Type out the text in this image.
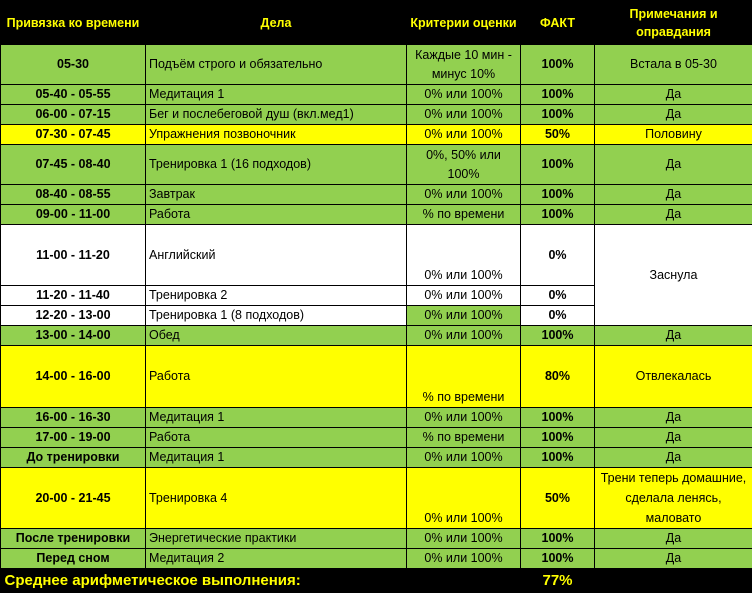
Привязка ко времени	Дела	Критерии оценки	ФАКТ	Примечания и оправдания
05-30	Подъём строго и обязательно	Каждые 10 мин - минус 10%	100%	Встала в 05-30
05-40 - 05-55	Медитация 1	0% или 100%	100%	Да
06-00 - 07-15	Бег и послебеговой душ (вкл.мед1)	0% или 100%	100%	Да
07-30 - 07-45	Упражнения позвоночник	0% или 100%	50%	Половину
07-45 - 08-40	Тренировка 1 (16 подходов)	0%, 50% или 100%	100%	Да
08-40 - 08-55	Завтрак	0% или 100%	100%	Да
09-00 - 11-00	Работа	% по времени	100%	Да
11-00 - 11-20	Английский	0% или 100%	0%	Заснула
11-20 - 11-40	Тренировка 2	0% или 100%	0%	
12-20 - 13-00	Тренировка 1 (8 подходов)	0% или 100%	0%	
13-00 - 14-00	Обед	0% или 100%	100%	Да
14-00 - 16-00	Работа	% по времени	80%	Отвлекалась
16-00 - 16-30	Медитация 1	0% или 100%	100%	Да
17-00 - 19-00	Работа	% по времени	100%	Да
До тренировки	Медитация 1	0% или 100%	100%	Да
20-00 - 21-45	Тренировка 4	0% или 100%	50%	Трени теперь домашние, сделала ленясь, маловато
После тренировки	Энергетические практики	0% или 100%	100%	Да
Перед сном	Медитация 2	0% или 100%	100%	Да
Среднее арифметическое выполнения:			77%	
